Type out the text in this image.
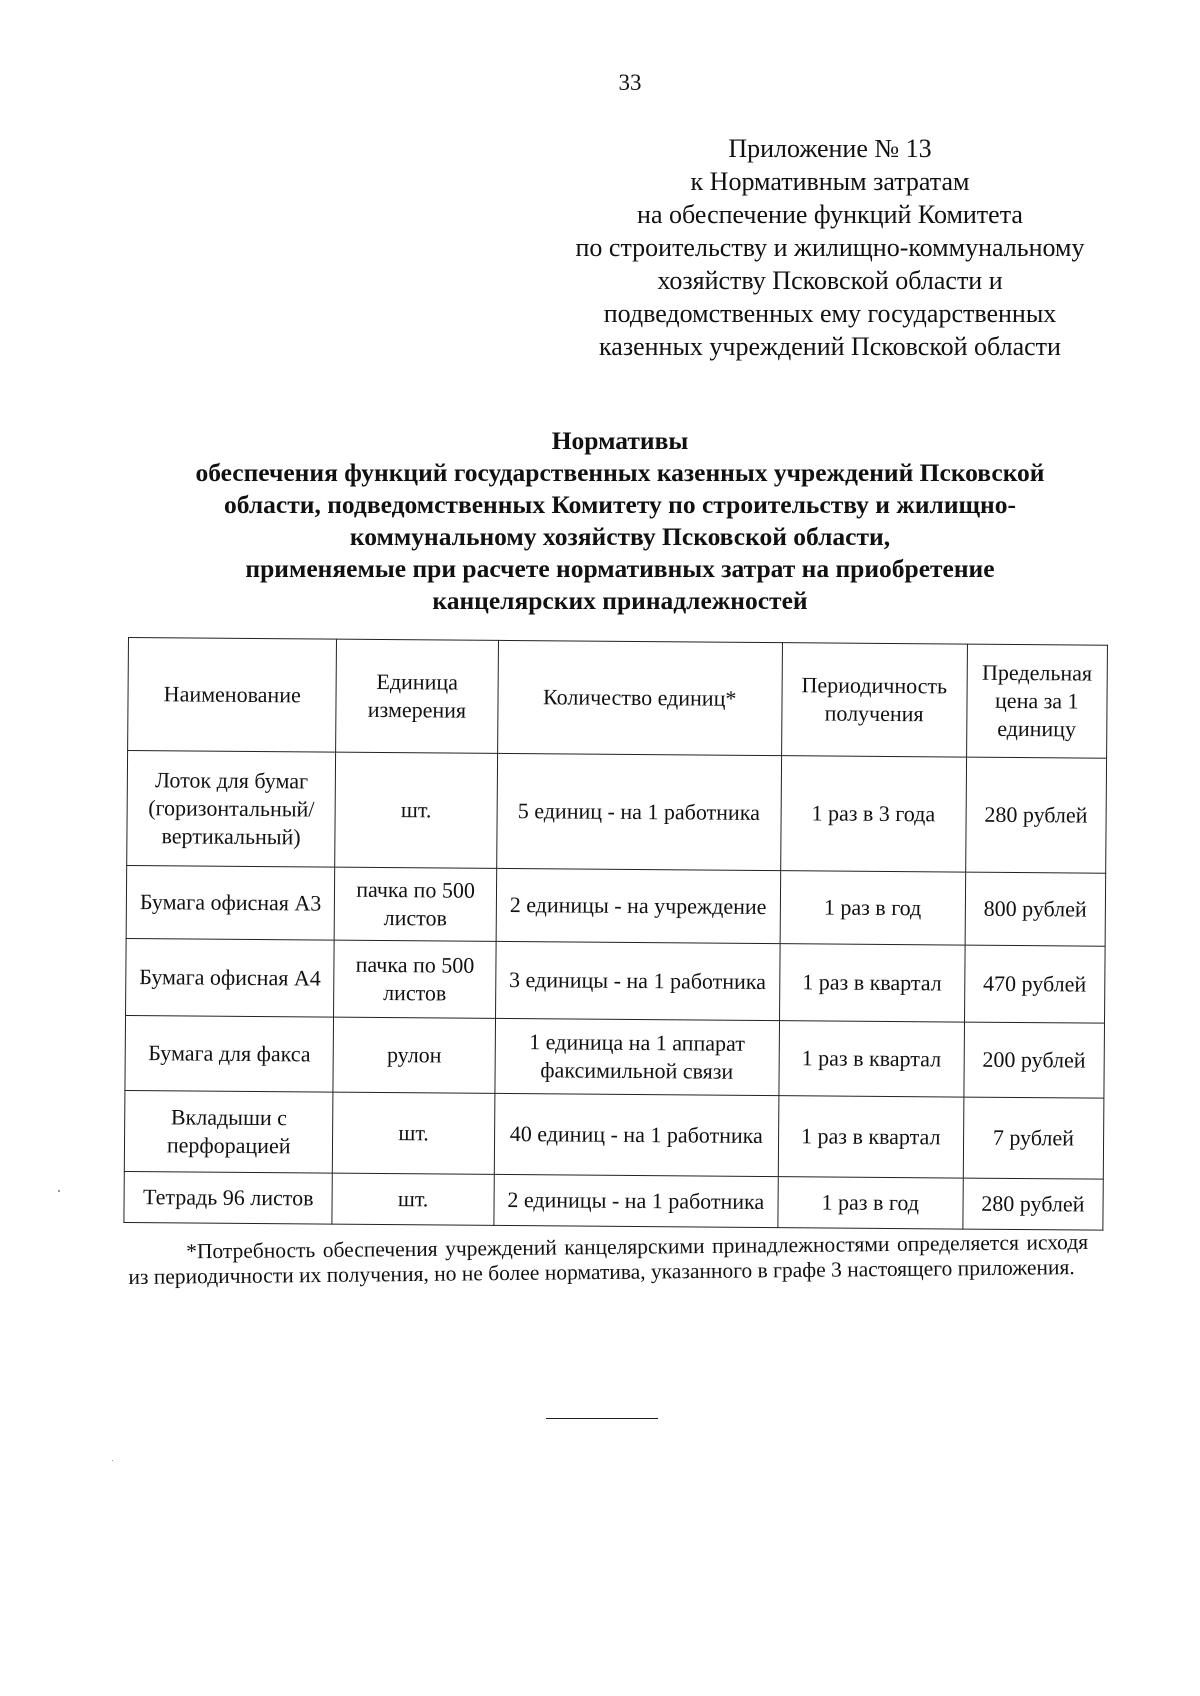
33
Приложение № 13
к Нормативным затратам
на обеспечение функций Комитета
по строительству и жилищно-коммунальному
хозяйству Псковской области и
подведомственных ему государственных
казенных учреждений Псковской области
Нормативы
обеспечения функций государственных казенных учреждений Псковской
области, подведомственных Комитету по строительству и жилищно-
коммунальному хозяйству Псковской области,
применяемые при расчете нормативных затрат на приобретение
канцелярских принадлежностей
Наименование	Единица измерения	Количество единиц*	Периодичность получения	Предельная цена за 1 единицу
Лоток для бумаг (горизонтальный/ вертикальный)	шт.	5 единиц - на 1 работника	1 раз в 3 года	280 рублей
Бумага офисная А3	пачка по 500 листов	2 единицы - на учреждение	1 раз в год	800 рублей
Бумага офисная А4	пачка по 500 листов	3 единицы - на 1 работника	1 раз в квартал	470 рублей
Бумага для факса	рулон	1 единица на 1 аппарат факсимильной связи	1 раз в квартал	200 рублей
Вкладыши с перфорацией	шт.	40 единиц - на 1 работника	1 раз в квартал	7 рублей
Тетрадь 96 листов	шт.	2 единицы - на 1 работника	1 раз в год	280 рублей
*Потребность обеспечения учреждений канцелярскими принадлежностями определяется исходя из периодичности их получения, но не более норматива, указанного в графе 3 настоящего приложения.
